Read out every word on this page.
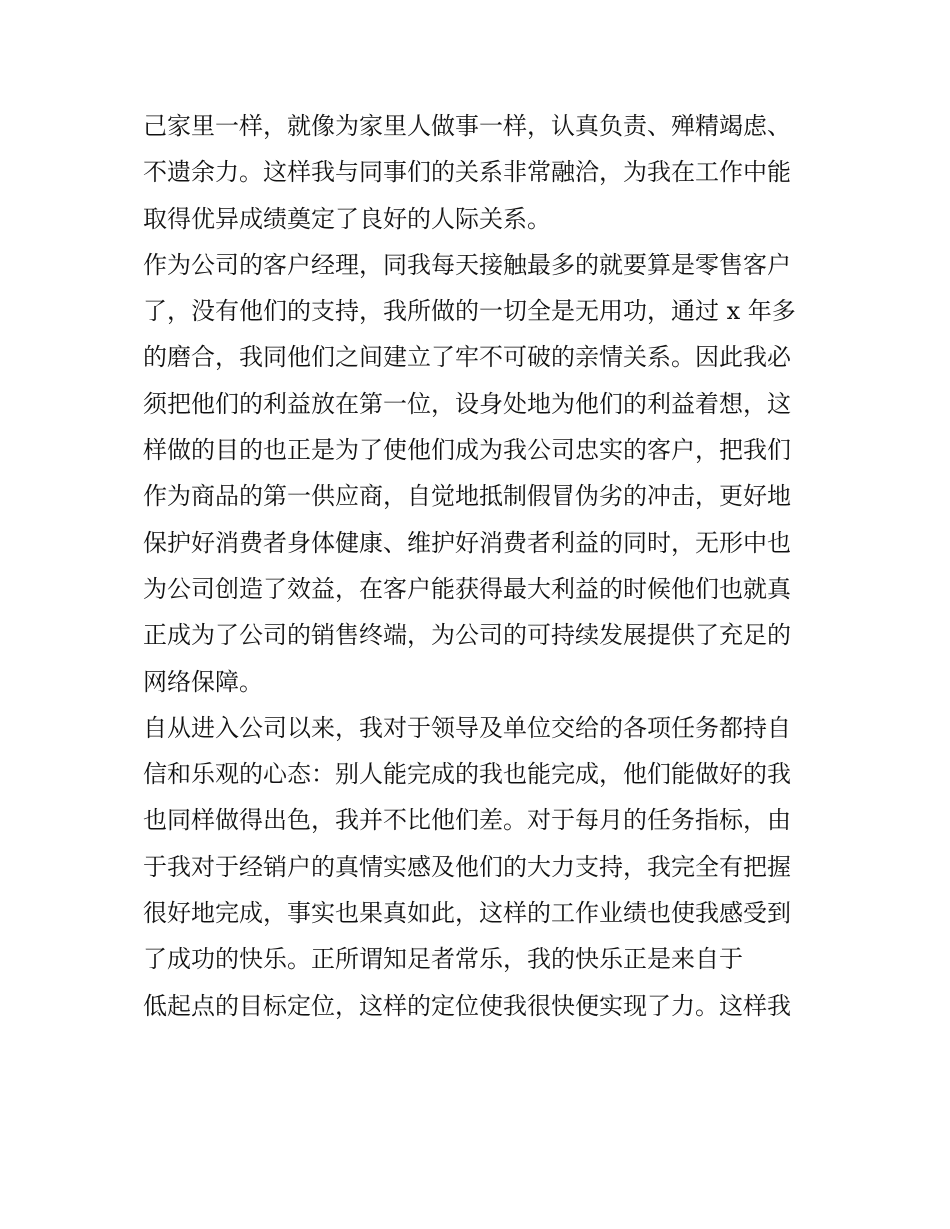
己家里一样，就像为家里人做事一样，认真负责、殚精竭虑、
不遗余力。这样我与同事们的关系非常融洽，为我在工作中能
取得优异成绩奠定了良好的人际关系。
作为公司的客户经理，同我每天接触最多的就要算是零售客户
了，没有他们的支持，我所做的一切全是无用功，通过 x 年多
的磨合，我同他们之间建立了牢不可破的亲情关系。因此我必
须把他们的利益放在第一位，设身处地为他们的利益着想，这
样做的目的也正是为了使他们成为我公司忠实的客户，把我们
作为商品的第一供应商，自觉地抵制假冒伪劣的冲击，更好地
保护好消费者身体健康、维护好消费者利益的同时，无形中也
为公司创造了效益，在客户能获得最大利益的时候他们也就真
正成为了公司的销售终端，为公司的可持续发展提供了充足的
网络保障。
自从进入公司以来，我对于领导及单位交给的各项任务都持自
信和乐观的心态：别人能完成的我也能完成，他们能做好的我
也同样做得出色，我并不比他们差。对于每月的任务指标，由
于我对于经销户的真情实感及他们的大力支持，我完全有把握
很好地完成，事实也果真如此，这样的工作业绩也使我感受到
了成功的快乐。正所谓知足者常乐，我的快乐正是来自于
低起点的目标定位，这样的定位使我很快便实现了力。这样我
